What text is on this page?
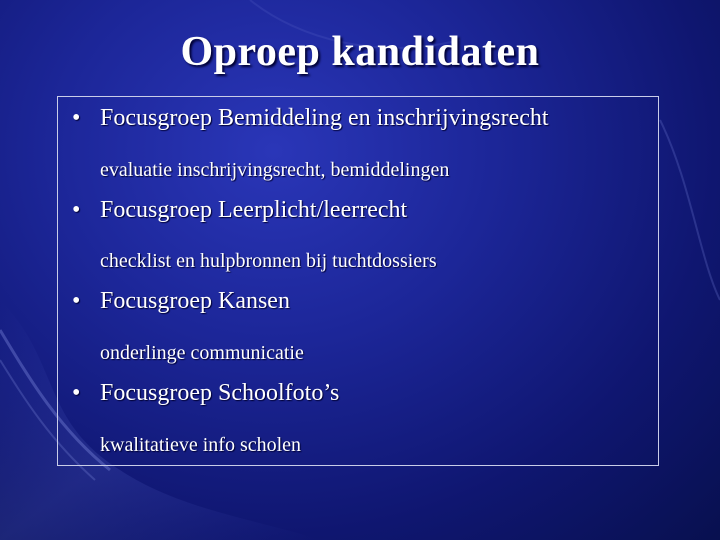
Oproep kandidaten
• Focusgroep Bemiddeling en inschrijvingsrecht
evaluatie inschrijvingsrecht, bemiddelingen
• Focusgroep Leerplicht/leerrecht
checklist en hulpbronnen bij tuchtdossiers
• Focusgroep Kansen
onderlinge communicatie
• Focusgroep Schoolfoto’s
kwalitatieve info scholen
